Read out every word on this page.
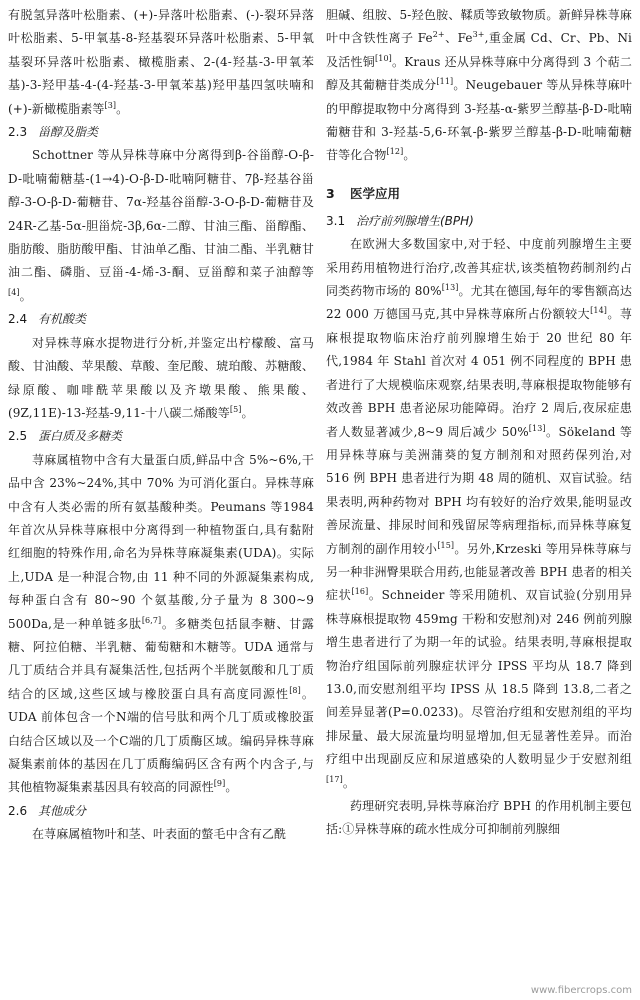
有脱氢异落叶松脂素、(+)-异落叶松脂素、(-)-裂环异落叶松脂素、5-甲氧基-8-羟基裂环异落叶松脂素、5-甲氧基裂环异落叶松脂素、橄榄脂素、2-(4-羟基-3-甲氧苯基)-3-羟甲基-4-(4-羟基-3-甲氧苯基)羟甲基四氢呋喃和(+)-新橄榄脂素等[3]。

2.3 甾醇及脂类

Schottner 等从异株荨麻中分离得到β-谷甾醇-O-β-D-吡喃葡糖基-(1→4)-O-β-D-吡喃阿糖苷、7β-羟基谷甾醇-3-O-β-D-葡糖苷、7α-羟基谷甾醇-3-O-β-D-葡糖苷及24R-乙基-5α-胆甾烷-3β,6α-二醇、甘油三酯、甾醇酯、脂肪酸、脂肪酸甲酯、甘油单乙酯、甘油二酯、半乳糖甘油二酯、磷脂、豆甾-4-烯-3-酮、豆甾醇和菜子油醇等[4]。

2.4 有机酸类

对异株荨麻水提物进行分析,并鉴定出柠檬酸、富马酸、甘油酸、苹果酸、草酸、奎尼酸、琥珀酸、苏糖酸、绿原酸、咖啡酰苹果酸以及齐墩果酸、熊果酸、(9Z,11E)-13-羟基-9,11-十八碳二烯酸等[5]。

2.5 蛋白质及多糖类

荨麻属植物中含有大量蛋白质,鲜品中含 5%~6%,干品中含 23%~24%,其中 70% 为可消化蛋白。异株荨麻中含有人类必需的所有氨基酸种类。Peumans 等1984年首次从异株荨麻根中分离得到一种植物蛋白,具有黏附红细胞的特殊作用,命名为异株荨麻凝集素(UDA)。实际上,UDA 是一种混合物,由 11 种不同的外源凝集素构成,每种蛋白含有 80~90 个氨基酸,分子量为 8 300~9 500Da,是一种单链多肽[6,7]。多糖类包括鼠李糖、甘露糖、阿拉伯糖、半乳糖、葡萄糖和木糖等。UDA 通常与几丁质结合并具有凝集活性,包括两个半胱氨酸和几丁质结合的区域,这些区域与橡胶蛋白具有高度同源性[8]。UDA 前体包含一个N端的信号肽和两个几丁质或橡胶蛋白结合区域以及一个C端的几丁质酶区域。编码异株荨麻凝集素前体的基因在几丁质酶编码区含有两个内含子,与其他植物凝集素基因具有较高的同源性[9]。

2.6 其他成分

在荨麻属植物叶和茎、叶表面的螫毛中含有乙酰

胆碱、组胺、5-羟色胺、鞣质等致敏物质。新鲜异株荨麻叶中含铁性离子 $Fe^{2+}$、$Fe^{3+}$,重金属 Cd、Cr、Pb、Ni 及活性铜[10]。Kraus 还从异株荨麻中分离得到 3 个萜二醇及其葡糖苷类成分[11]。Neugebauer 等从异株荨麻叶的甲醇提取物中分离得到 3-羟基-α-紫罗兰醇基-β-D-吡喃葡糖苷和 3-羟基-5,6-环氧-β-紫罗兰醇基-β-D-吡喃葡糖苷等化合物[12]。

3 医学应用
3.1 治疗前列腺增生(BPH)

在欧洲大多数国家中,对于轻、中度前列腺增生主要采用药用植物进行治疗,改善其症状,该类植物药制剂约占同类药物市场的 80%[13]。尤其在德国,每年的零售额高达 22 000 万德国马克,其中异株荨麻所占份额较大[14]。荨麻根提取物临床治疗前列腺增生始于 20 世纪 80 年代,1984 年 Stahl 首次对 4 051 例不同程度的 BPH 患者进行了大规模临床观察,结果表明,荨麻根提取物能够有效改善 BPH 患者泌尿功能障碍。治疗 2 周后,夜尿症患者人数显著减少,8~9 周后减少 50%[13]。Sökeland 等用异株荨麻与美洲蒲葵的复方制剂和对照药保列治,对 516 例 BPH 患者进行为期 48 周的随机、双盲试验。结果表明,两种药物对 BPH 均有较好的治疗效果,能明显改善尿流量、排尿时间和残留尿等病理指标,而异株荨麻复方制剂的副作用较小[15]。另外,Krzeski 等用异株荨麻与另一种非洲臀果联合用药,也能显著改善 BPH 患者的相关症状[16]。Schneider 等采用随机、双盲试验(分别用异株荨麻根提取物 459mg 干粉和安慰剂)对 246 例前列腺增生患者进行了为期一年的试验。结果表明,荨麻根提取物治疗组国际前列腺症状评分 IPSS 平均从 18.7 降到 13.0,而安慰剂组平均 IPSS 从 18.5 降到 13.8,二者之间差异显著(P=0.0233)。尽管治疗组和安慰剂组的平均排尿量、最大尿流量均明显增加,但无显著性差异。而治疗组中出现副反应和尿道感染的人数明显少于安慰剂组[17]。

药理研究表明,异株荨麻治疗 BPH 的作用机制主要包括:①异株荨麻的疏水性成分可抑制前列腺细

www.fibercrops.com
